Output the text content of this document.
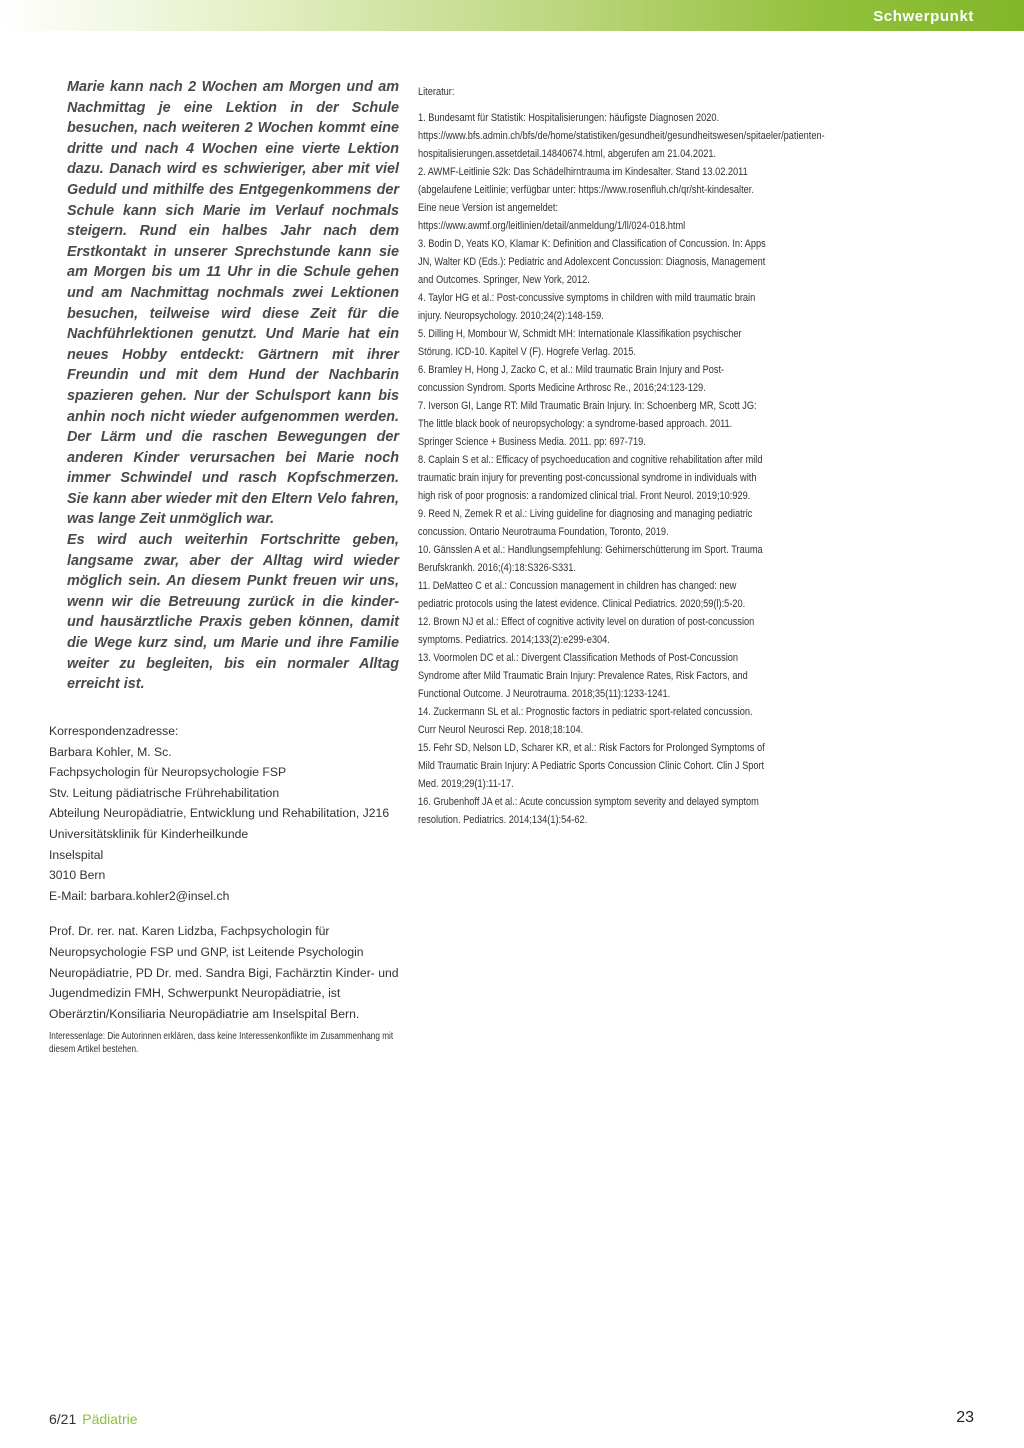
Schwerpunkt

Marie kann nach 2 Wochen am Morgen und am Nachmittag je eine Lektion in der Schule besuchen, nach weiteren 2 Wochen kommt eine dritte und nach 4 Wochen eine vierte Lektion dazu. Danach wird es schwieriger, aber mit viel Geduld und mithilfe des Entgegenkommens der Schule kann sich Marie im Verlauf nochmals steigern. Rund ein halbes Jahr nach dem Erstkontakt in unserer Sprechstunde kann sie am Morgen bis um 11 Uhr in die Schule gehen und am Nachmittag nochmals zwei Lektionen besuchen, teilweise wird diese Zeit für die Nachführlektionen genutzt. Und Marie hat ein neues Hobby entdeckt: Gärtnern mit ihrer Freundin und mit dem Hund der Nachbarin spazieren gehen. Nur der Schulsport kann bis anhin noch nicht wieder aufgenommen werden. Der Lärm und die raschen Bewegungen der anderen Kinder verursachen bei Marie noch immer Schwindel und rasch Kopfschmerzen. Sie kann aber wieder mit den Eltern Velo fahren, was lange Zeit unmöglich war.

Es wird auch weiterhin Fortschritte geben, langsame zwar, aber der Alltag wird wieder möglich sein. An diesem Punkt freuen wir uns, wenn wir die Betreuung zurück in die kinder- und hausärztliche Praxis geben können, damit die Wege kurz sind, um Marie und ihre Familie weiter zu begleiten, bis ein normaler Alltag erreicht ist.

Korrespondenzadresse:
Barbara Kohler, M. Sc.
Fachpsychologin für Neuropsychologie FSP
Stv. Leitung pädiatrische Frührehabilitation
Abteilung Neuropädiatrie, Entwicklung und Rehabilitation, J216
Universitätsklinik für Kinderheilkunde
Inselspital
3010 Bern
E-Mail: barbara.kohler2@insel.ch

Prof. Dr. rer. nat. Karen Lidzba, Fachpsychologin für Neuropsychologie FSP und GNP, ist Leitende Psychologin Neuropädiatrie, PD Dr. med. Sandra Bigi, Fachärztin Kinder- und Jugendmedizin FMH, Schwerpunkt Neuropädiatrie, ist Oberärztin/Konsiliaria Neuropädiatrie am Inselspital Bern.

Interessenlage: Die Autorinnen erklären, dass keine Interessenkonflikte im Zusammenhang mit diesem Artikel bestehen.

Literatur:

1. Bundesamt für Statistik: Hospitalisierungen: häufigste Diagnosen 2020. https://www.bfs.admin.ch/bfs/de/home/statistiken/gesundheit/gesundheitswesen/spitaeler/patienten-hospitalisierungen.assetdetail.14840674.html, abgerufen am 21.04.2021.

2. AWMF-Leitlinie S2k: Das Schädelhirntrauma im Kindesalter. Stand 13.02.2011 (abgelaufene Leitlinie; verfügbar unter: https://www.rosenfluh.ch/qr/sht-kindesalter. Eine neue Version ist angemeldet: https://www.awmf.org/leitlinien/detail/anmeldung/1/ll/024-018.html

3. Bodin D, Yeats KO, Klamar K: Definition and Classification of Concussion. In: Apps JN, Walter KD (Eds.): Pediatric and Adolexcent Concussion: Diagnosis, Management and Outcomes. Springer, New York, 2012.

4. Taylor HG et al.: Post-concussive symptoms in children with mild traumatic brain injury. Neuropsychology. 2010;24(2):148-159.

5. Dilling H, Mombour W, Schmidt MH: Internationale Klassifikation psychischer Störung. ICD-10. Kapitel V (F). Hogrefe Verlag. 2015.

6. Bramley H, Hong J, Zacko C, et al.: Mild traumatic Brain Injury and Post-concussion Syndrom. Sports Medicine Arthrosc Re., 2016;24:123-129.

7. Iverson GI, Lange RT: Mild Traumatic Brain Injury. In: Schoenberg MR, Scott JG: The little black book of neuropsychology: a syndrome-based approach. 2011. Springer Science + Business Media. 2011. pp: 697-719.

8. Caplain S et al.: Efficacy of psychoeducation and cognitive rehabilitation after mild traumatic brain injury for preventing post-concussional syndrome in individuals with high risk of poor prognosis: a randomized clinical trial. Front Neurol. 2019;10:929.

9. Reed N, Zemek R et al.: Living guideline for diagnosing and managing pediatric concussion. Ontario Neurotrauma Foundation, Toronto, 2019.

10. Gänsslen A et al.: Handlungsempfehlung: Gehirnerschütterung im Sport. Trauma Berufskrankh. 2016;(4):18:S326-S331.

11. DeMatteo C et al.: Concussion management in children has changed: new pediatric protocols using the latest evidence. Clinical Pediatrics. 2020;59(l):5-20.

12. Brown NJ et al.: Effect of cognitive activity level on duration of post-concussion symptoms. Pediatrics. 2014;133(2):e299-e304.

13. Voormolen DC et al.: Divergent Classification Methods of Post-Concussion Syndrome after Mild Traumatic Brain Injury: Prevalence Rates, Risk Factors, and Functional Outcome. J Neurotrauma. 2018;35(11):1233-1241.

14. Zuckermann SL et al.: Prognostic factors in pediatric sport-related concussion. Curr Neurol Neurosci Rep. 2018;18:104.

15. Fehr SD, Nelson LD, Scharer KR, et al.: Risk Factors for Prolonged Symptoms of Mild Traumatic Brain Injury: A Pediatric Sports Concussion Clinic Cohort. Clin J Sport Med. 2019;29(1):11-17.

16. Grubenhoff JA et al.: Acute concussion symptom severity and delayed symptom resolution. Pediatrics. 2014;134(1):54-62.

6/21 Pädiatrie	23
